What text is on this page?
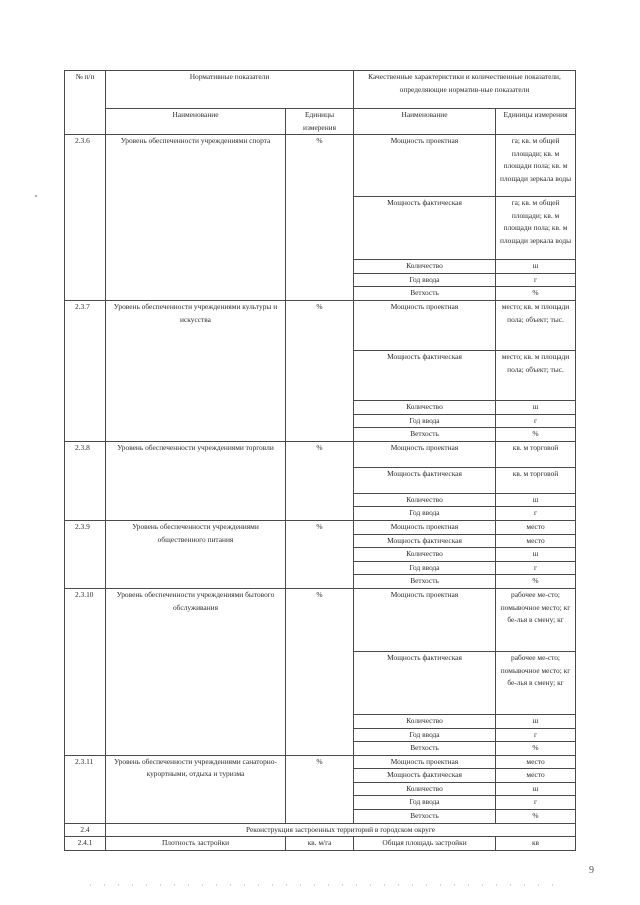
№ п/п	Нормативные показатели		Качественные характеристики и количественные показатели, определяющие норматив-ные показатели	
	Наименование	Единицы измерения	Наименование	Единицы измерения
2.3.6	Уровень обеспеченности учреждениями спорта	%	Мощность проектная	га; кв. м общей площади; кв. м площади пола; кв. м площади зеркала воды
			Мощность фактическая	га; кв. м общей площади; кв. м площади пола; кв. м площади зеркала воды
			Количество	ш
			Год ввода	г
			Ветхость	%
2.3.7	Уровень обеспеченности учреждениями культуры и искусства	%	Мощность проектная	место; кв. м площади пола; объект; тыс.
			Мощность фактическая	место; кв. м площади пола; объект; тыс.
			Количество	ш
			Год ввода	г
			Ветхость	%
2.3.8	Уровень обеспеченности учреждениями торговли	%	Мощность проектная	кв. м торговой
			Мощность фактическая	кв. м торговой
			Количество	ш
			Год ввода	г
2.3.9	Уровень обеспеченности учреждениями общественного питания	%	Мощность проектная	место
			Мощность фактическая	место
			Количество	ш
			Год ввода	г
			Ветхость	%
2.3.10	Уровень обеспеченности учреждениями бытового обслуживания	%	Мощность проектная	рабочее ме-сто; помывочное место; кг бе-лья в смену; кг
			Мощность фактическая	рабочее ме-сто; помывочное место; кг бе-лья в смену; кг
			Количество	ш
			Год ввода	г
			Ветхость	%
2.3.11	Уровень обеспеченности учреждениями санаторно-курортными, отдыха и туризма	%	Мощность проектная	место
			Мощность фактическая	место
			Количество	ш
			Год ввода	г
			Ветхость	%
2.4	Реконструкция застроенных территорий в городском округе			
2.4.1	Плотность застройки	кв. м/га	Общая площадь застройки	кв
9
